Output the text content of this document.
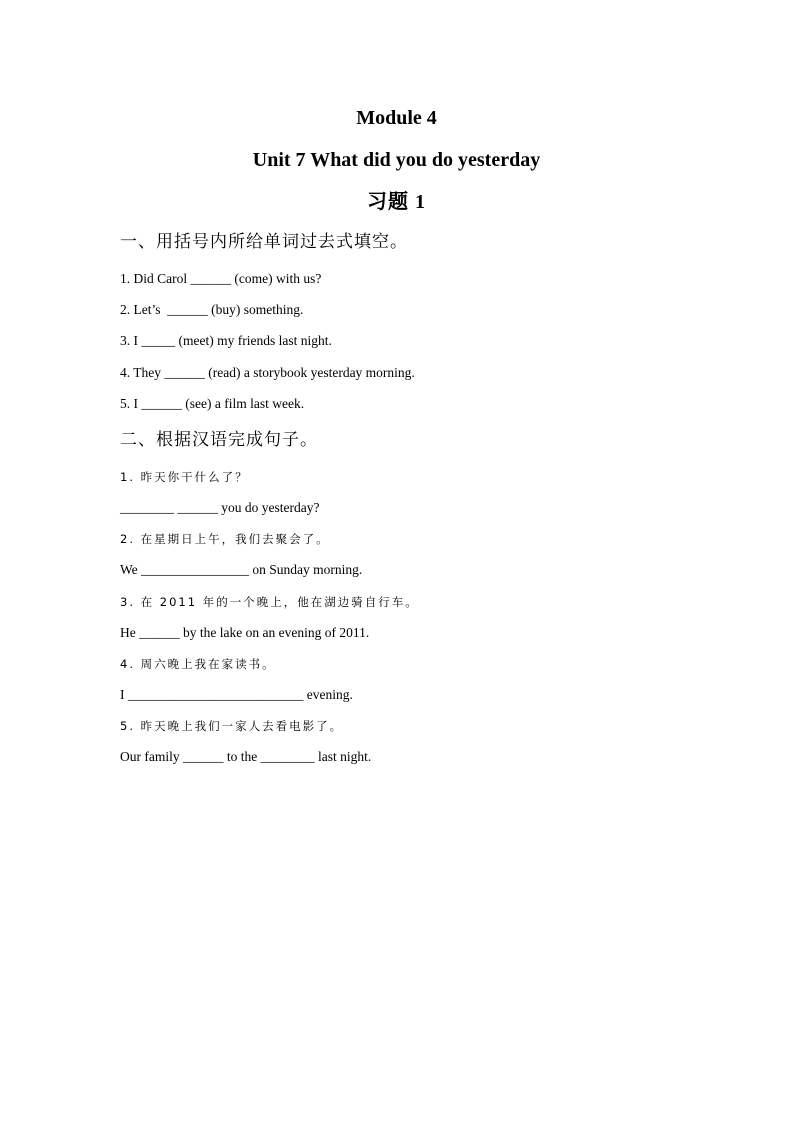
Module 4
Unit 7 What did you do yesterday
习题 1
一、用括号内所给单词过去式填空。
1. Did Carol ______ (come) with us?
2. Let’s  ______ (buy) something.
3. I _____ (meet) my friends last night.
4. They ______ (read) a storybook yesterday morning.
5. I ______ (see) a film last week.
二、根据汉语完成句子。
1. 昨天你干什么了？
________ ______ you do yesterday?
2. 在星期日上午，我们去聚会了。
We ________________ on Sunday morning.
3. 在 2011 年的一个晚上，他在湖边骑自行车。
He ______ by the lake on an evening of 2011.
4. 周六晚上我在家读书。
I __________________________ evening.
5. 昨天晚上我们一家人去看电影了。
Our family ______ to the ________ last night.
